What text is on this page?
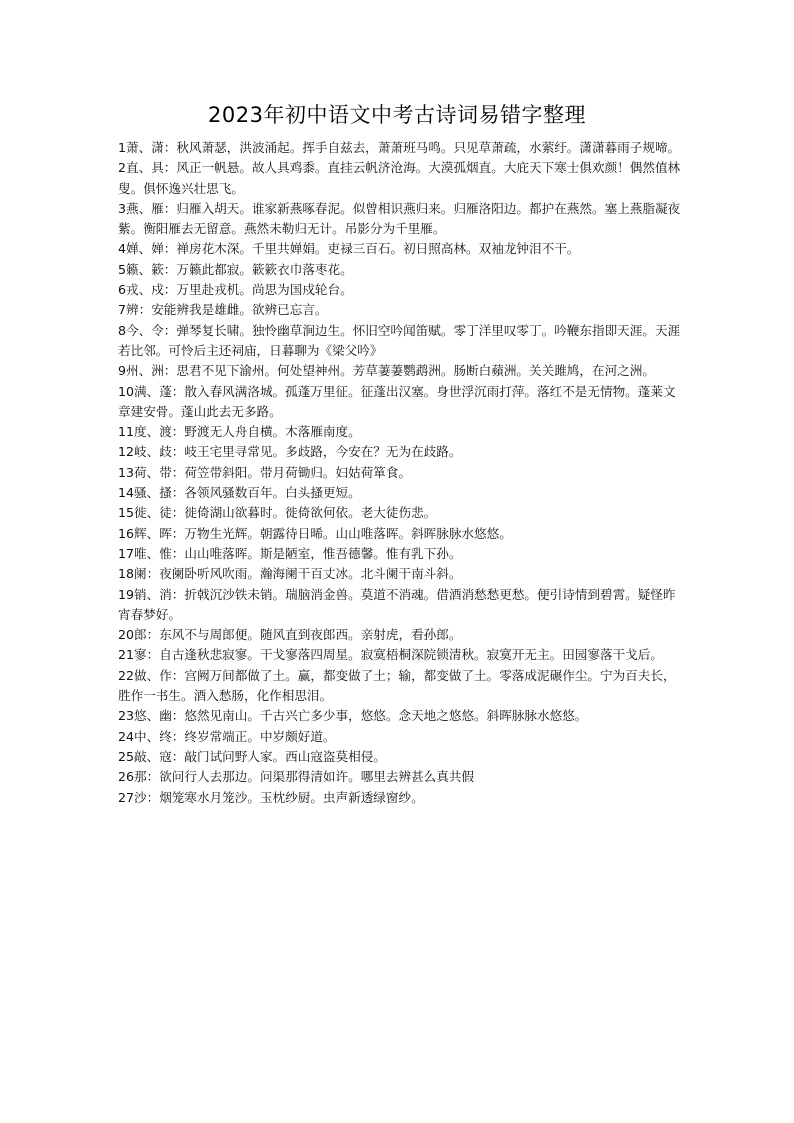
2023年初中语文中考古诗词易错字整理

1萧、潇：秋风萧瑟，洪波涌起。挥手自兹去，萧萧班马鸣。只见草萧疏，水萦纡。潇潇暮雨子规啼。

2直、具：风正一帆悬。故人具鸡黍。直挂云帆济沧海。大漠孤烟直。大庇天下寒士俱欢颜！偶然值林叟。俱怀逸兴壮思飞。

3燕、雁：归雁入胡天。谁家新燕啄春泥。似曾相识燕归来。归雁洛阳边。都护在燕然。塞上燕脂凝夜紫。衡阳雁去无留意。燕然未勒归无计。吊影分为千里雁。

4婵、婵：禅房花木深。千里共婵娟。吏禄三百石。初日照高林。双袖龙钟泪不干。

5籁、簌：万籁此都寂。簌簌衣巾落枣花。

6戎、戍：万里赴戎机。尚思为国戍轮台。

7辨：安能辨我是雄雌。欲辨已忘言。

8今、令：弹琴复长啸。独怜幽草涧边生。怀旧空吟闻笛赋。零丁洋里叹零丁。吟鞭东指即天涯。天涯若比邻。可怜后主还祠庙，日暮聊为《梁父吟》

9州、洲：思君不见下渝州。何处望神州。芳草萋萋鹦鹉洲。肠断白蘋洲。关关雎鸠，在河之洲。

10满、蓬：散入春风满洛城。孤蓬万里征。征蓬出汉塞。身世浮沉雨打萍。落红不是无情物。蓬莱文章建安骨。蓬山此去无多路。

11度、渡：野渡无人舟自横。木落雁南度。

12岐、歧：岐王宅里寻常见。多歧路，今安在？无为在歧路。

13荷、带：荷笠带斜阳。带月荷锄归。妇姑荷箪食。

14骚、搔：各领风骚数百年。白头搔更短。

15徙、徒：徙倚湖山欲暮时。徙倚欲何依。老大徒伤悲。

16辉、晖：万物生光辉。朝露待日晞。山山唯落晖。斜晖脉脉水悠悠。

17唯、惟：山山唯落晖。斯是陋室，惟吾德馨。惟有乳下孙。

18阑：夜阑卧听风吹雨。瀚海阑干百丈冰。北斗阑干南斗斜。

19销、消：折戟沉沙铁未销。瑞脑消金兽。莫道不消魂。借酒消愁愁更愁。便引诗情到碧霄。疑怪昨宵春梦好。

20郎：东风不与周郎便。随风直到夜郎西。亲射虎，看孙郎。

21寥：自古逢秋悲寂寥。干戈寥落四周星。寂寞梧桐深院锁清秋。寂寞开无主。田园寥落干戈后。

22做、作：宫阙万间都做了土。赢，都变做了土；输，都变做了土。零落成泥碾作尘。宁为百夫长，胜作一书生。酒入愁肠，化作相思泪。

23悠、幽：悠然见南山。千古兴亡多少事，悠悠。念天地之悠悠。斜晖脉脉水悠悠。

24中、终：终岁常端正。中岁颇好道。

25敲、寇：敲门试问野人家。西山寇盗莫相侵。

26那：欲问行人去那边。问渠那得清如许。哪里去辨甚么真共假

27沙：烟笼寒水月笼沙。玉枕纱厨。虫声新透绿窗纱。
